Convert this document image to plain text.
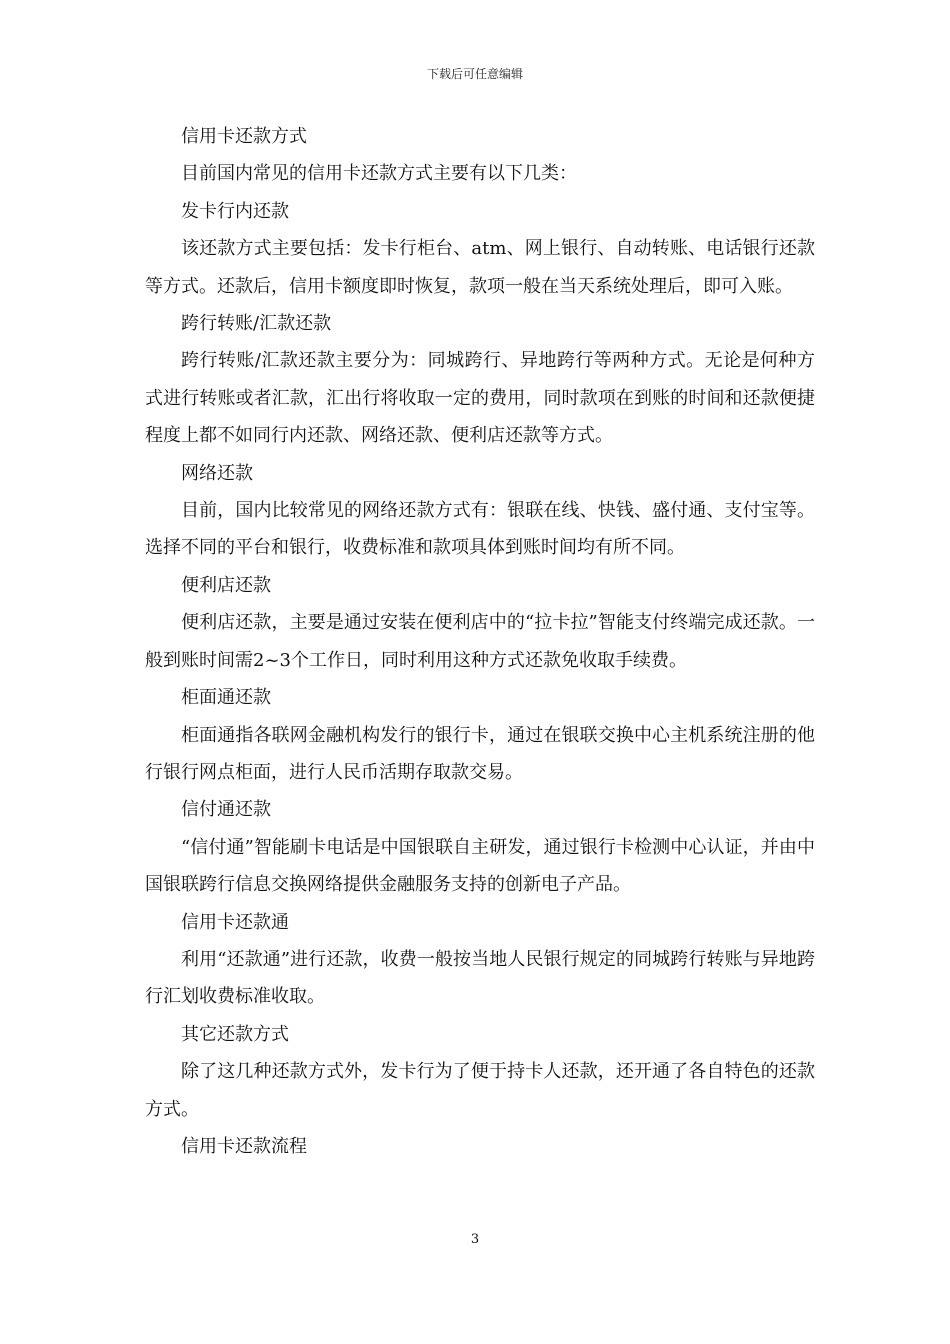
下载后可任意编辑

信用卡还款方式

目前国内常见的信用卡还款方式主要有以下几类：

发卡行内还款

该还款方式主要包括：发卡行柜台、atm、网上银行、自动转账、电话银行还款等方式。还款后，信用卡额度即时恢复，款项一般在当天系统处理后，即可入账。

跨行转账/汇款还款

跨行转账/汇款还款主要分为：同城跨行、异地跨行等两种方式。无论是何种方式进行转账或者汇款，汇出行将收取一定的费用，同时款项在到账的时间和还款便捷程度上都不如同行内还款、网络还款、便利店还款等方式。

网络还款

目前，国内比较常见的网络还款方式有：银联在线、快钱、盛付通、支付宝等。选择不同的平台和银行，收费标准和款项具体到账时间均有所不同。

便利店还款

便利店还款，主要是通过安装在便利店中的“拉卡拉”智能支付终端完成还款。一般到账时间需2~3个工作日，同时利用这种方式还款免收取手续费。

柜面通还款

柜面通指各联网金融机构发行的银行卡，通过在银联交换中心主机系统注册的他行银行网点柜面，进行人民币活期存取款交易。

信付通还款

“信付通”智能刷卡电话是中国银联自主研发，通过银行卡检测中心认证，并由中国银联跨行信息交换网络提供金融服务支持的创新电子产品。

信用卡还款通

利用“还款通”进行还款，收费一般按当地人民银行规定的同城跨行转账与异地跨行汇划收费标准收取。

其它还款方式

除了这几种还款方式外，发卡行为了便于持卡人还款，还开通了各自特色的还款方式。

信用卡还款流程

3
